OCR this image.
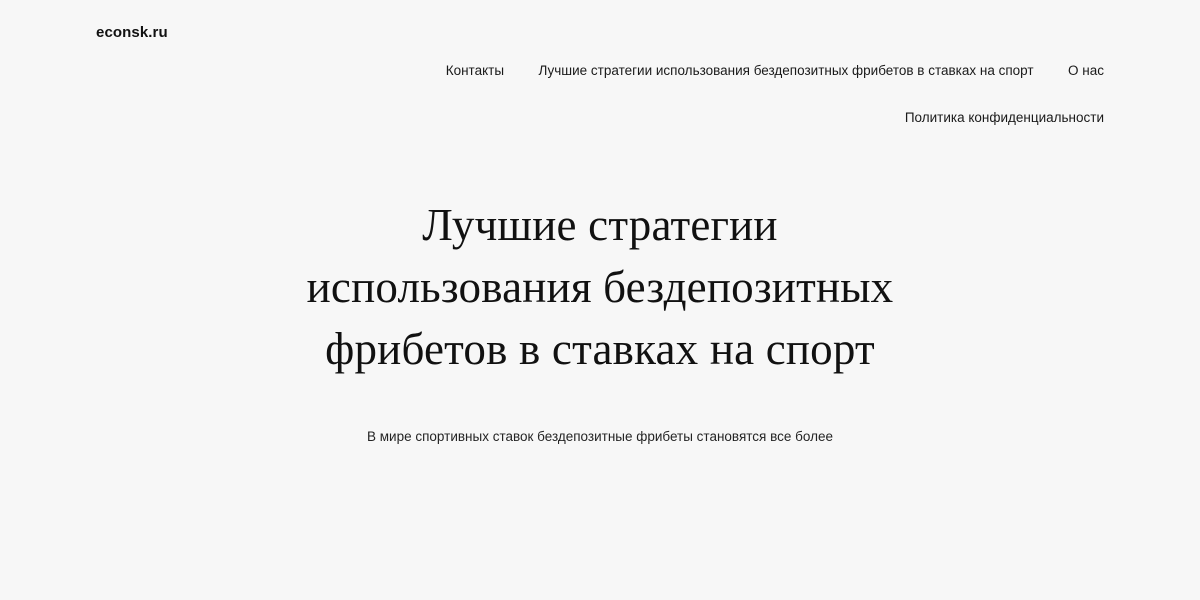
econsk.ru
Контакты	Лучшие стратегии использования бездепозитных фрибетов в ставках на спорт	О нас
Политика конфиденциальности
Лучшие стратегии использования бездепозитных фрибетов в ставках на спорт

В мире спортивных ставок бездепозитные фрибеты становятся все более
